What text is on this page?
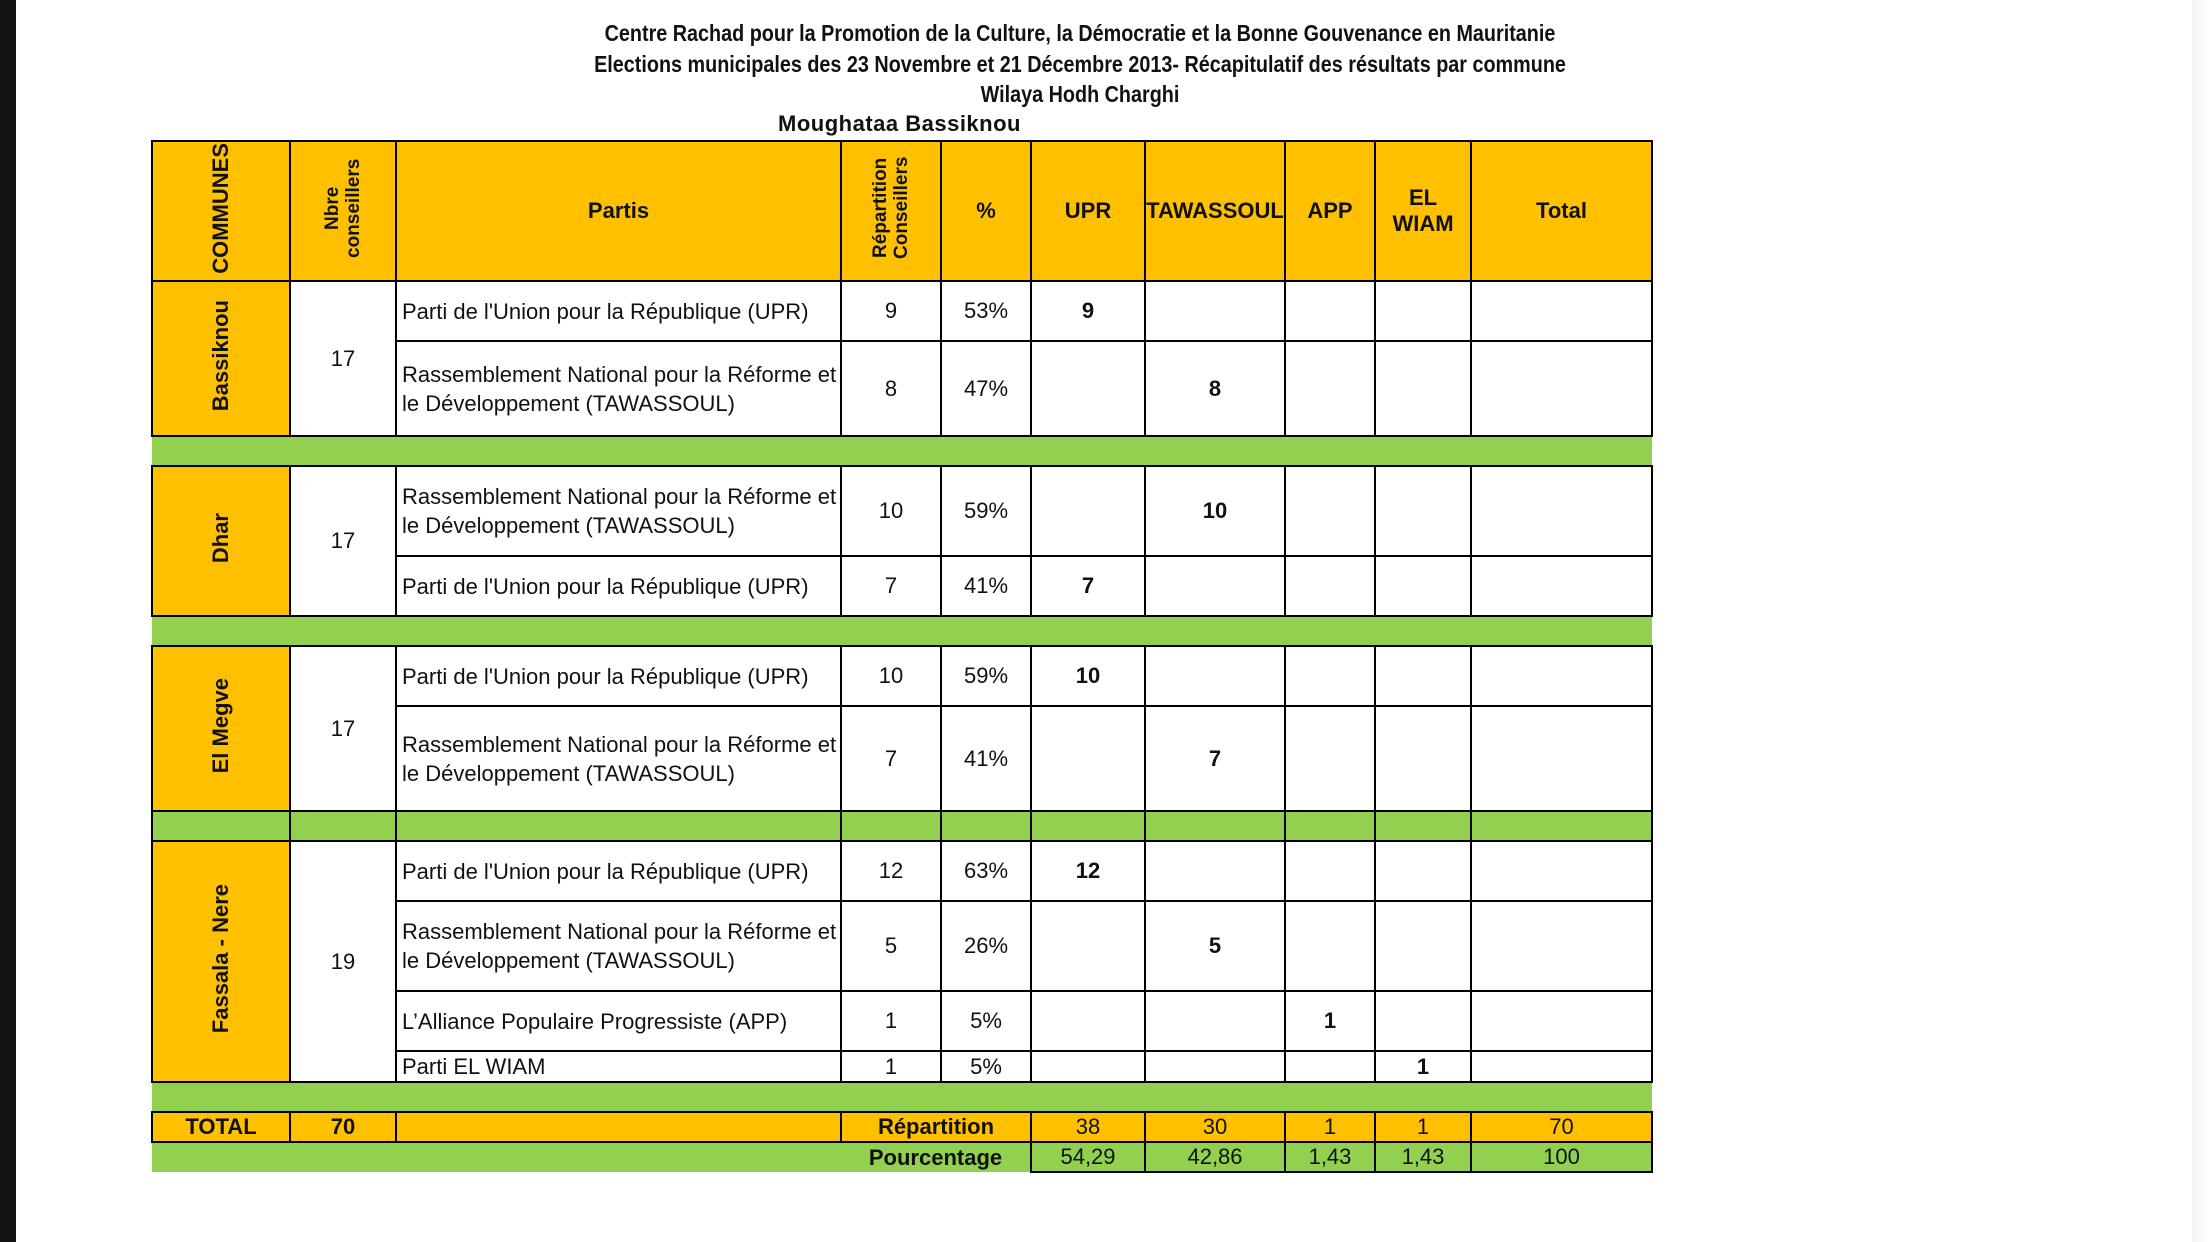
Centre Rachad pour la Promotion de la Culture, la Démocratie et la Bonne Gouvenance en Mauritanie
Elections municipales des 23 Novembre et 21 Décembre 2013- Récapitulatif des résultats par commune
Wilaya Hodh Charghi
Moughataa Bassiknou
COMMUNES	Nbre conseillers	Partis	Répartition Conseillers	%	UPR	TAWASSOUL	APP	EL WIAM	Total
Bassiknou	17	Parti de l'Union pour la République (UPR)	9	53%	9				
		Rassemblement National pour la Réforme et le Développement (TAWASSOUL)	8	47%		8			

Dhar	17	Rassemblement National pour la Réforme et le Développement (TAWASSOUL)	10	59%		10			
		Parti de l'Union pour la République (UPR)	7	41%	7				

El Megve	17	Parti de l'Union pour la République (UPR)	10	59%	10				
		Rassemblement National pour la Réforme et le Développement (TAWASSOUL)	7	41%		7			

Fassala - Nere	19	Parti de l'Union pour la République (UPR)	12	63%	12				
		Rassemblement National pour la Réforme et le Développement (TAWASSOUL)	5	26%		5			
		L’Alliance Populaire Progressiste (APP)	1	5%			1		
		Parti EL WIAM	1	5%				1	

TOTAL	70		Répartition		38	30	1	1	70
			Pourcentage		54,29	42,86	1,43	1,43	100
